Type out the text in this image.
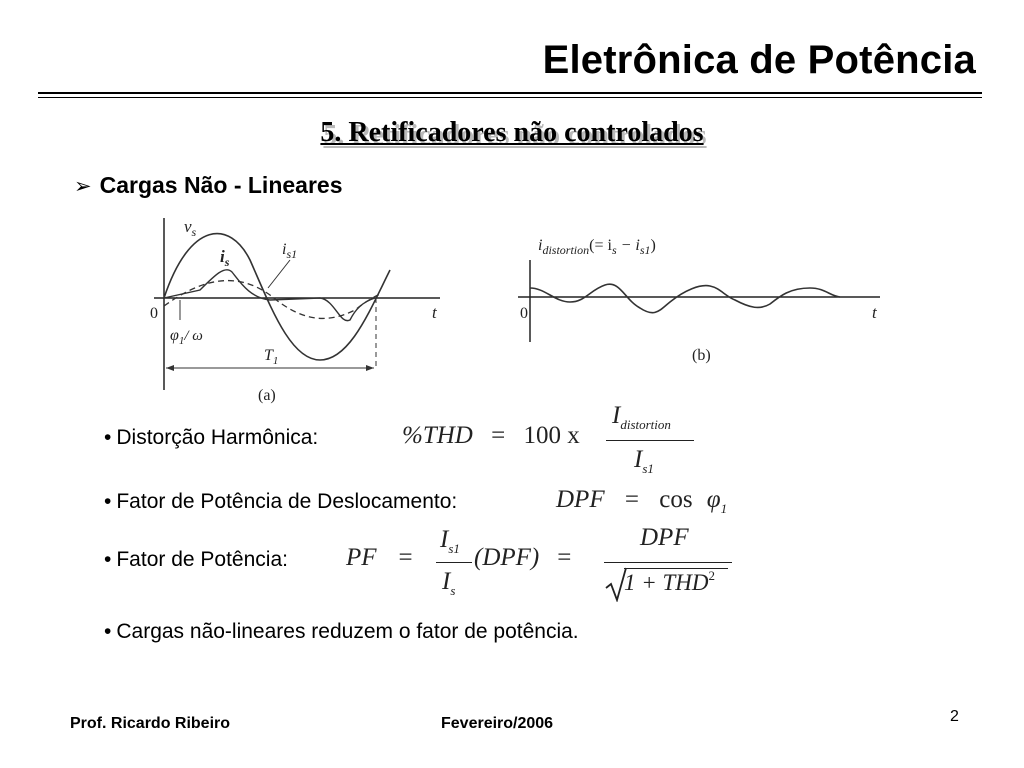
Eletrônica de Potência
5. Retificadores não controlados
➢ Cargas Não - Lineares
$v_s$
$i_s$
$i_{s1}$
t
0
$\varphi_1/$ ω
$T_1$
(a)
$i_{distortion}(= i_s - i_{s1})$
0	t
(b)
• Distorção Harmônica:	%THD = 100 x
$I_{distortion}$
$I_{s1}$
• Fator de Potência de Deslocamento:	DPF = $\cos \varphi_1$
• Fator de Potência: PF =
$I_{s1}$
$I_s$
(DPF) =
DPF
$1 + THD^2$
• Cargas não-lineares reduzem o fator de potência.
Prof. Ricardo Ribeiro	Fevereiro/2006	2
